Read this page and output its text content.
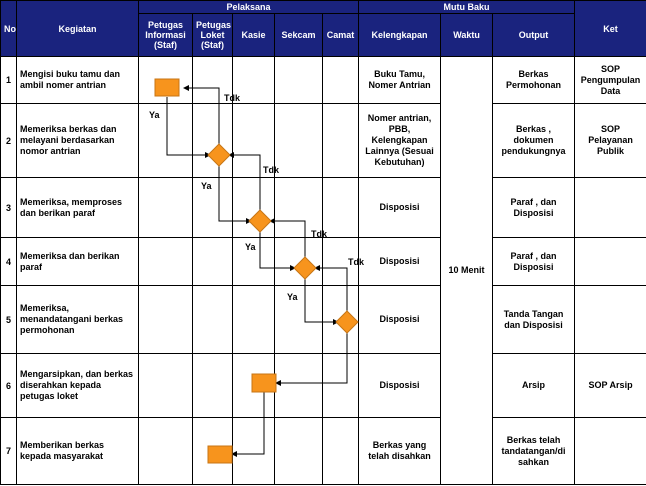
No	Kegiatan	Pelaksana					Mutu Baku			Ket
		Petugas Informasi (Staf)	Petugas Loket (Staf)	Kasie	Sekcam	Camat	Kelengkapan	Waktu	Output	
1	Mengisi buku tamu dan ambil nomer antrian						Buku Tamu, Nomer Antrian	10 Menit	Berkas Permohonan	SOP Pengumpulan Data
2	Memeriksa berkas dan melayani berdasarkan nomor antrian						Nomer antrian, PBB, Kelengkapan Lainnya (Sesuai Kebutuhan)		Berkas , dokumen pendukungnya	SOP Pelayanan Publik
3	Memeriksa, memproses dan berikan paraf						Disposisi		Paraf , dan Disposisi	
4	Memeriksa dan berikan paraf						Disposisi		Paraf , dan Disposisi	
5	Memeriksa, menandatangani berkas permohonan						Disposisi		Tanda Tangan dan Disposisi	
6	Mengarsipkan, dan berkas diserahkan kepada petugas loket						Disposisi		Arsip	SOP Arsip
7	Memberikan berkas kepada masyarakat						Berkas yang telah disahkan		Berkas telah tandatangan/di sahkan	
Tdk
Ya
Tdk
Ya
Tdk
Ya
Tdk
Ya
